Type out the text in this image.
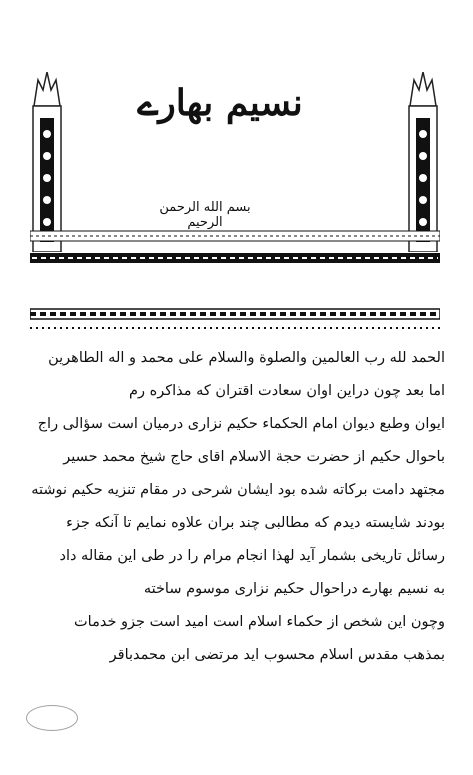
نسیم بهارے
بسم الله الرحمن الرحیم
الحمد لله رب العالمین والصلوة والسلام علی محمد و اله الطاهرین
اما بعد چون دراین اوان سعادت اقتران که مذاکره رم
ایوان وطبع دیوان امام الحکماء حکیم نزاری درمیان است سؤالی راج
باحوال حکیم از حضرت حجة الاسلام اقای حاج شیخ محمد حسیر
مجتهد دامت برکاته شده بود ایشان شرحی در مقام تنزیه حکیم نوشته
بودند شایسته دیدم که مطالبی چند بران علاوه نمایم تا آنکه جزء
رسائل تاریخی بشمار آید لهذا انجام مرام را در طی این مقاله داد
به نسیم بهارے دراحوال حکیم نزاری موسوم ساخته
وچون این شخص از حکماء اسلام است امید است جزو خدمات
بمذهب مقدس اسلام محسوب اید مرتضی ابن محمدباقر
